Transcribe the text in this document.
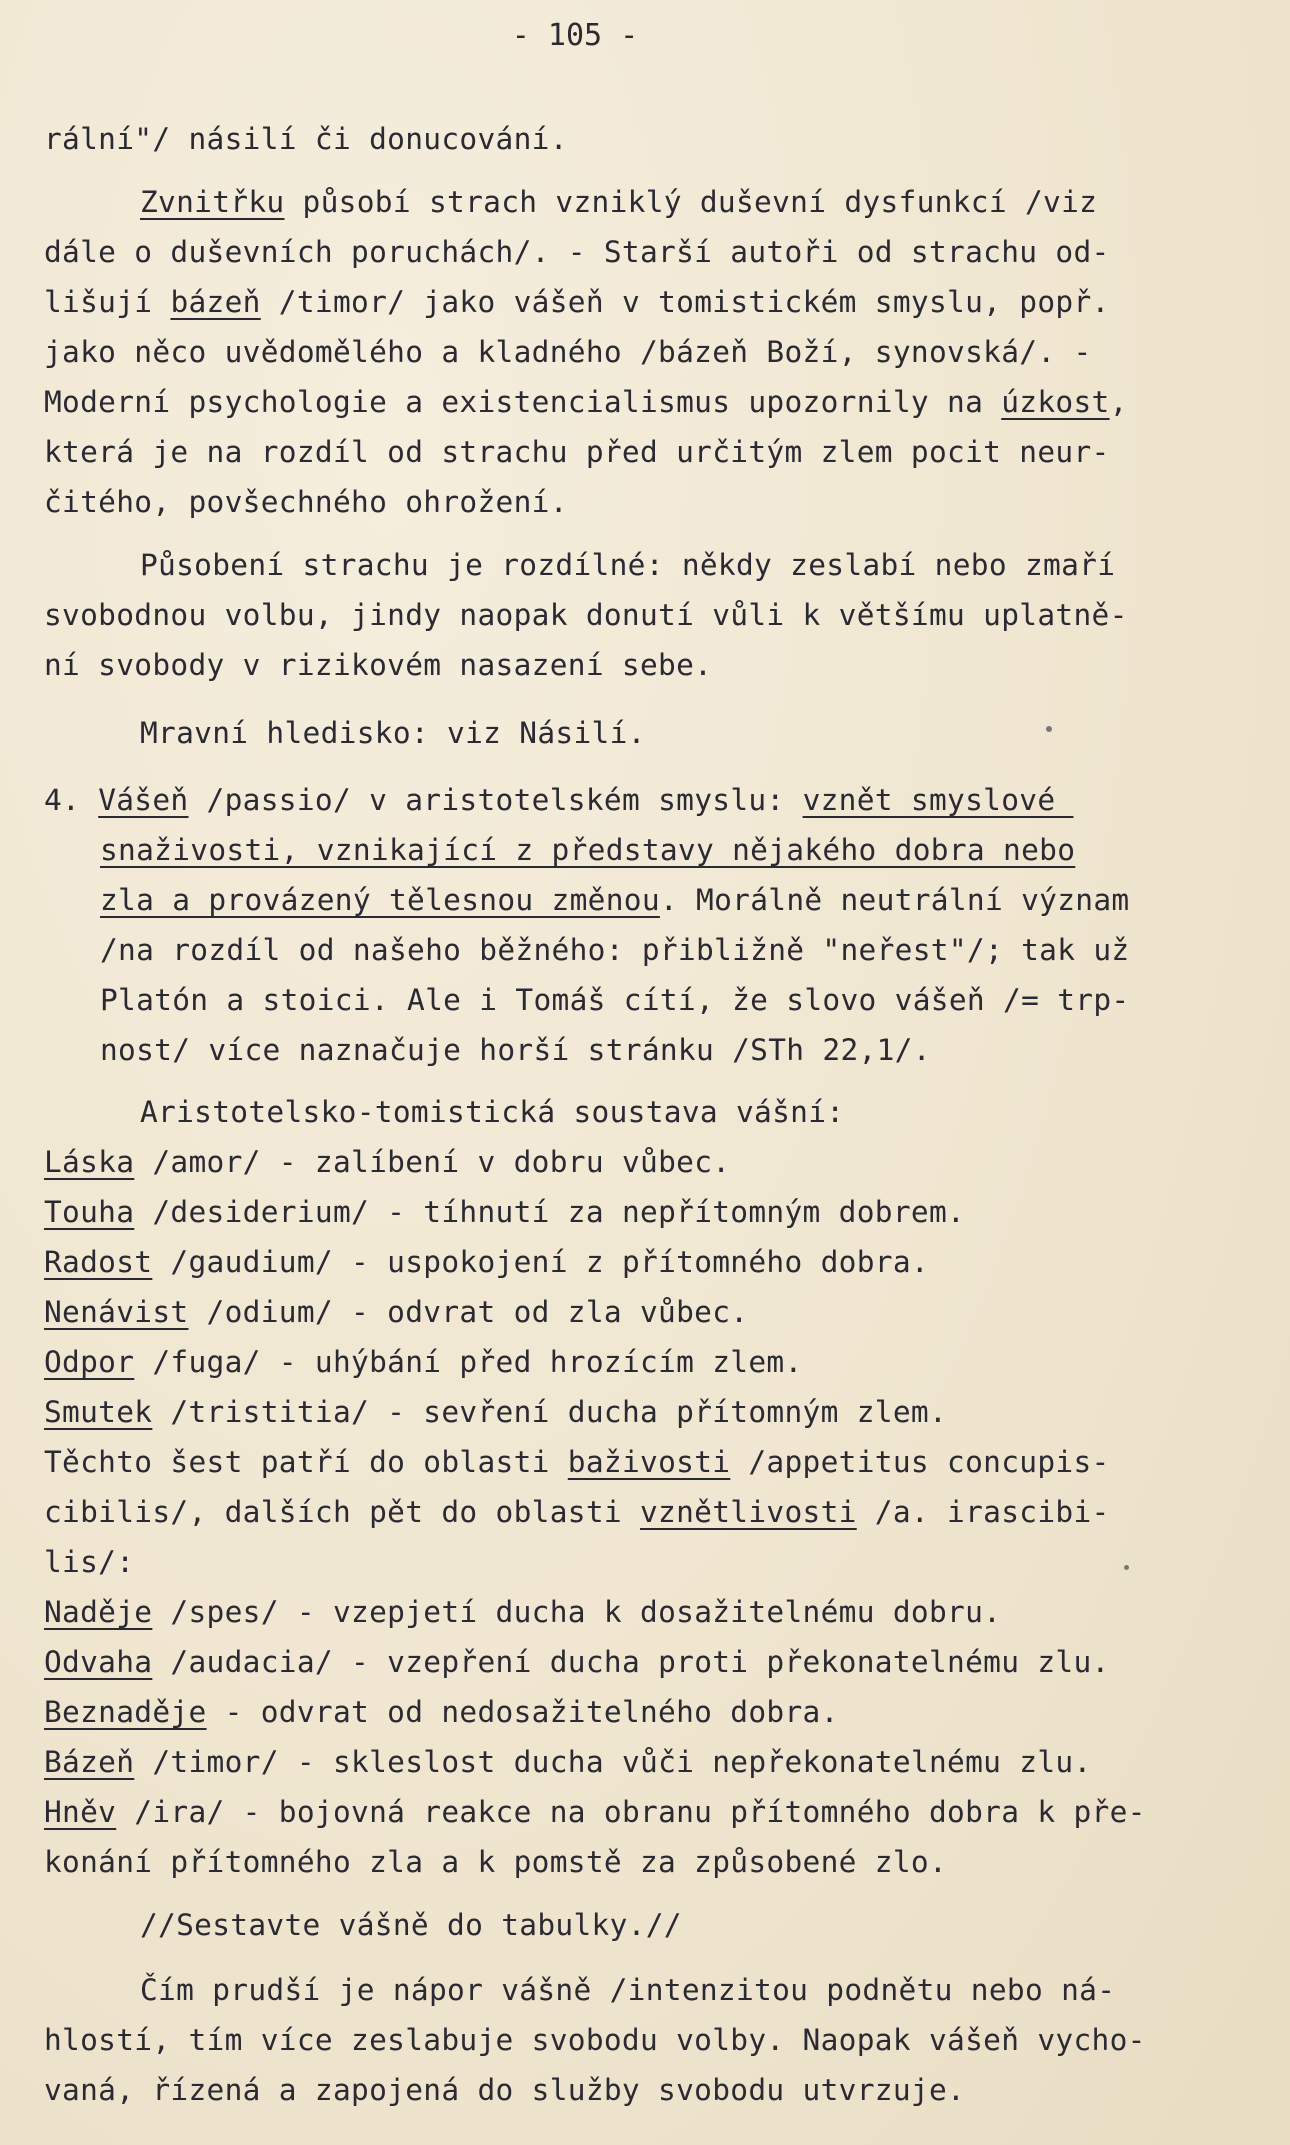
- 105 -
rální"/ násilí či donucování.
Zvnitřku působí strach vzniklý duševní dysfunkcí /viz
dále o duševních poruchách/. - Starší autoři od strachu od-
lišují bázeň /timor/ jako vášeň v tomistickém smyslu, popř.
jako něco uvědomělého a kladného /bázeň Boží, synovská/. -
Moderní psychologie a existencialismus upozornily na úzkost,
která je na rozdíl od strachu před určitým zlem pocit neur-
čitého, povšechného ohrožení.
Působení strachu je rozdílné: někdy zeslabí nebo zmaří
svobodnou volbu, jindy naopak donutí vůli k většímu uplatně-
ní svobody v rizikovém nasazení sebe.
Mravní hledisko: viz Násilí.
4. Vášeň /passio/ v aristotelském smyslu: vznět smyslové
snaživosti, vznikající z představy nějakého dobra nebo
zla a provázený tělesnou změnou. Morálně neutrální význam
/na rozdíl od našeho běžného: přibližně "neřest"/; tak už
Platón a stoici. Ale i Tomáš cítí, že slovo vášeň /= trp-
nost/ více naznačuje horší stránku /STh 22,1/.
Aristotelsko-tomistická soustava vášní:
Láska /amor/ - zalíbení v dobru vůbec.
Touha /desiderium/ - tíhnutí za nepřítomným dobrem.
Radost /gaudium/ - uspokojení z přítomného dobra.
Nenávist /odium/ - odvrat od zla vůbec.
Odpor /fuga/ - uhýbání před hrozícím zlem.
Smutek /tristitia/ - sevření ducha přítomným zlem.
Těchto šest patří do oblasti baživosti /appetitus concupis-
cibilis/, dalších pět do oblasti vznětlivosti /a. irascibi-
lis/:
Naděje /spes/ - vzepjetí ducha k dosažitelnému dobru.
Odvaha /audacia/ - vzepření ducha proti překonatelnému zlu.
Beznaděje - odvrat od nedosažitelného dobra.
Bázeň /timor/ - skleslost ducha vůči nepřekonatelnému zlu.
Hněv /ira/ - bojovná reakce na obranu přítomného dobra k pře-
konání přítomného zla a k pomstě za způsobené zlo.
//Sestavte vášně do tabulky.//
Čím prudší je nápor vášně /intenzitou podnětu nebo ná-
hlostí, tím více zeslabuje svobodu volby. Naopak vášeň vycho-
vaná, řízená a zapojená do služby svobodu utvrzuje.
